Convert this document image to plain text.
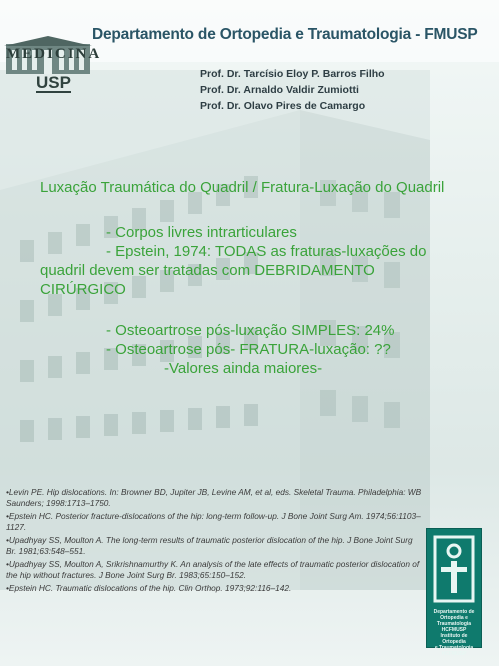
MEDICINA
USP
Departamento de Ortopedia e Traumatologia - FMUSP
Prof. Dr. Tarcísio Eloy P. Barros Filho
Prof. Dr. Arnaldo Valdir Zumiotti
Prof. Dr. Olavo Pires de Camargo

Luxação Traumática do Quadril / Fratura-Luxação do Quadril

- Corpos livres intrarticulares

- Epstein, 1974: TODAS as fraturas-luxações do

quadril devem ser tratadas com DEBRIDAMENTO CIRÚRGICO

- Osteoartrose pós-luxação SIMPLES: 24%

- Osteoartrose pós- FRATURA-luxação: ??

-Valores ainda maiores-

•Levin PE. Hip dislocations. In: Browner BD, Jupiter JB, Levine AM, et al, eds. Skeletal Trauma. Philadelphia: WB Saunders; 1998:1713–1750.
•Epstein HC. Posterior fracture-dislocations of the hip: long-term follow-up. J Bone Joint Surg Am. 1974;56:1103–1127.
•Upadhyay SS, Moulton A. The long-term results of traumatic posterior dislocation of the hip. J Bone Joint Surg Br. 1981;63:548–551.
•Upadhyay SS, Moulton A, Srikrishnamurthy K. An analysis of the late effects of traumatic posterior dislocation of the hip without fractures. J Bone Joint Surg Br. 1983;65:150–152.
•Epstein HC. Traumatic dislocations of the hip. Clin Orthop. 1973;92:116–142.
Departamento de
Ortopedia e
Traumatologia
HCFMUSP
Instituto de Ortopedia
e Traumatologia
HCFMUSP
